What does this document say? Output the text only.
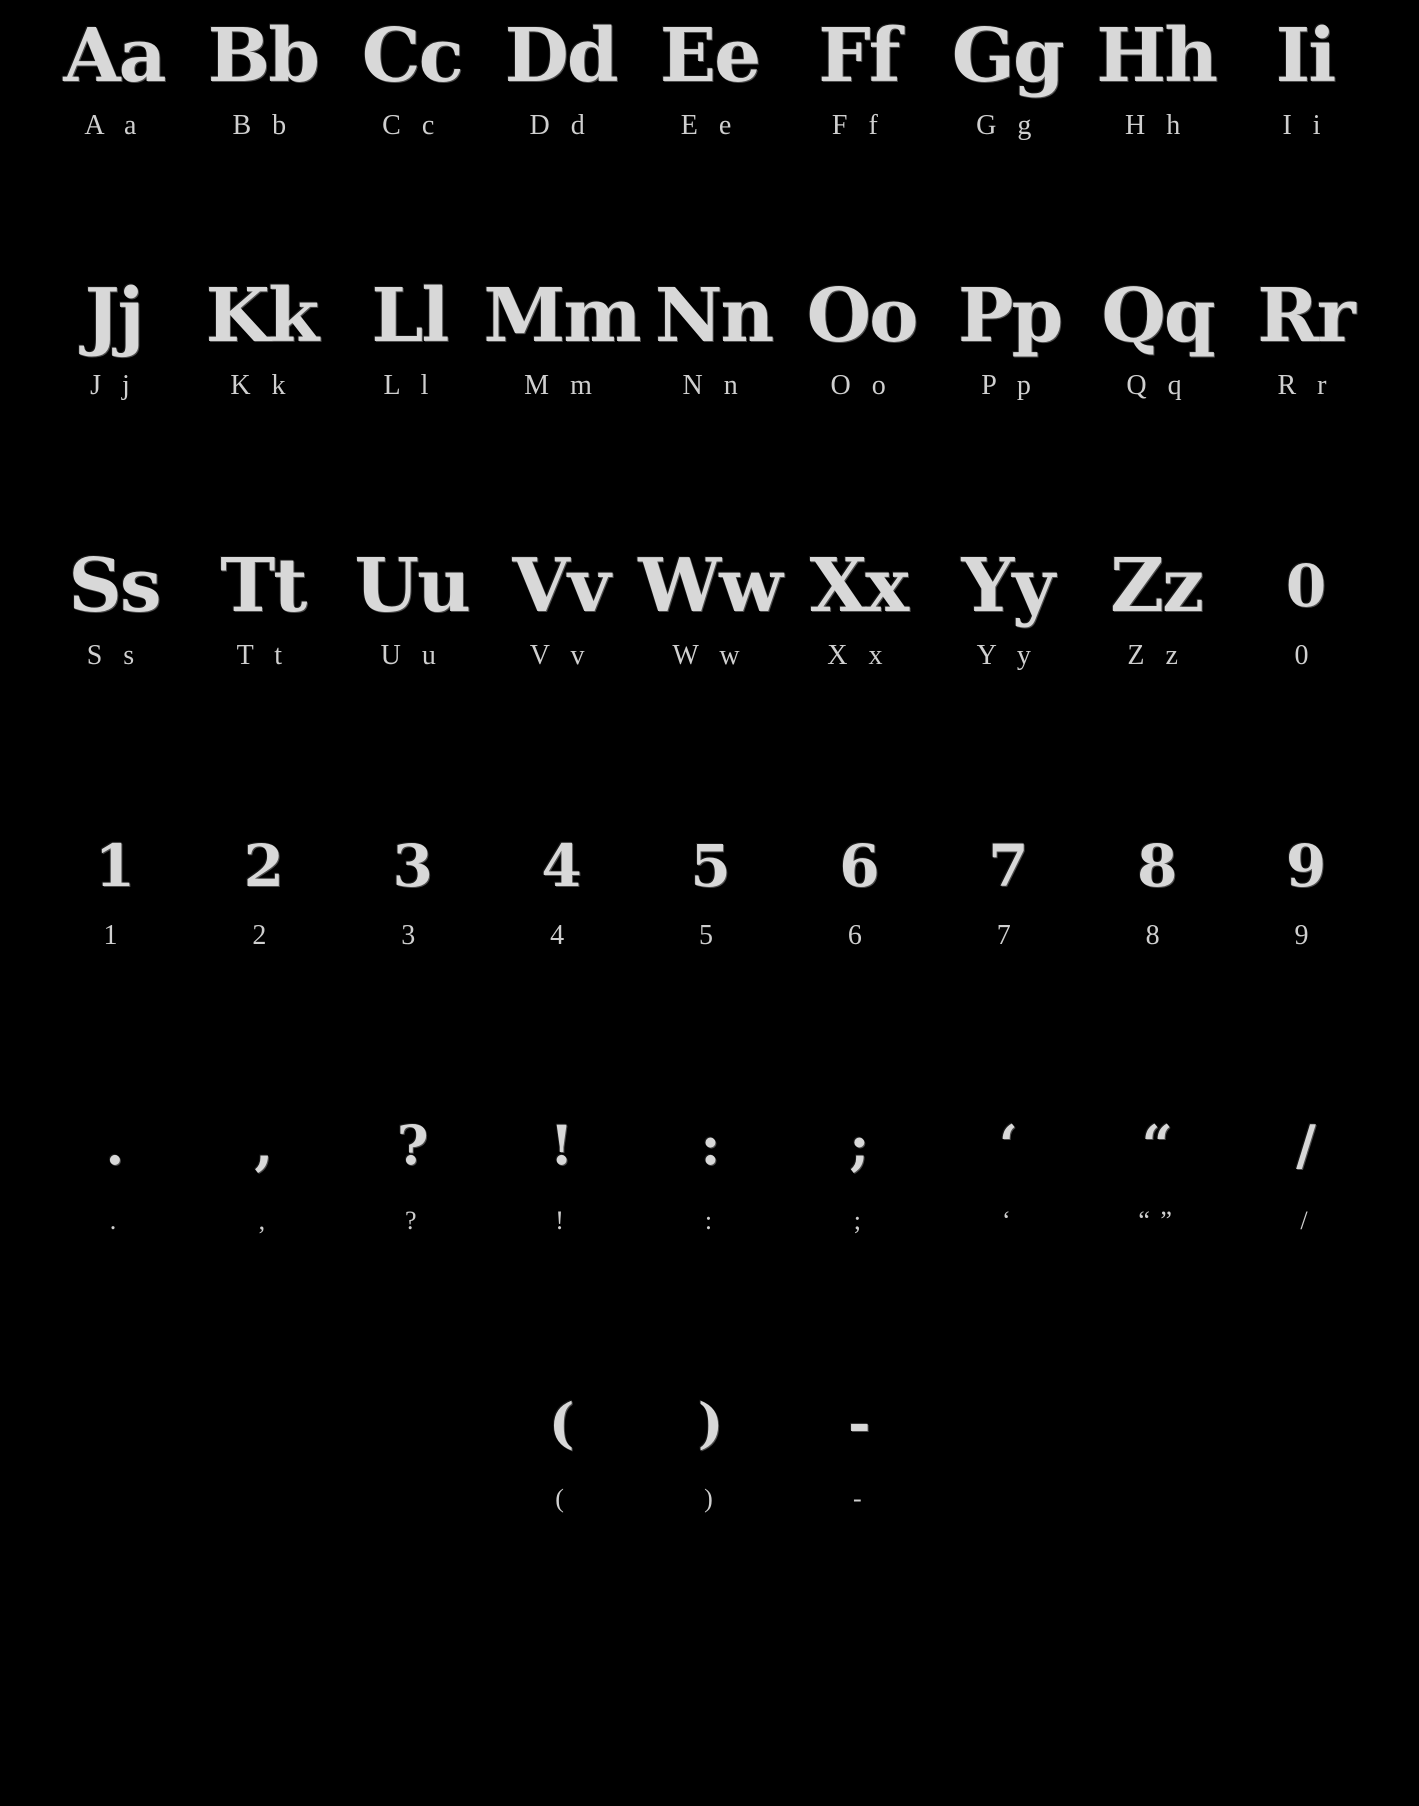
Aa
A a
Bb
B b
Cc
C c
Dd
D d
Ee
E e
Ff
F f
Gg
G g
Hh
H h
Ii
I i
Jj
J j
Kk
K k
Ll
L l
Mm
M m
Nn
N n
Oo
O o
Pp
P p
Qq
Q q
Rr
R r
Ss
S s
Tt
T t
Uu
U u
Vv
V v
Ww
W w
Xx
X x
Yy
Y y
Zz
Z z
0
0
1
1
2
2
3
3
4
4
5
5
6
6
7
7
8
8
9
9
.
.
,
,
?
?
!
!
:
:
;
;
‘
‘
“
“ ”
/
/
(
(
)
)
-
-
